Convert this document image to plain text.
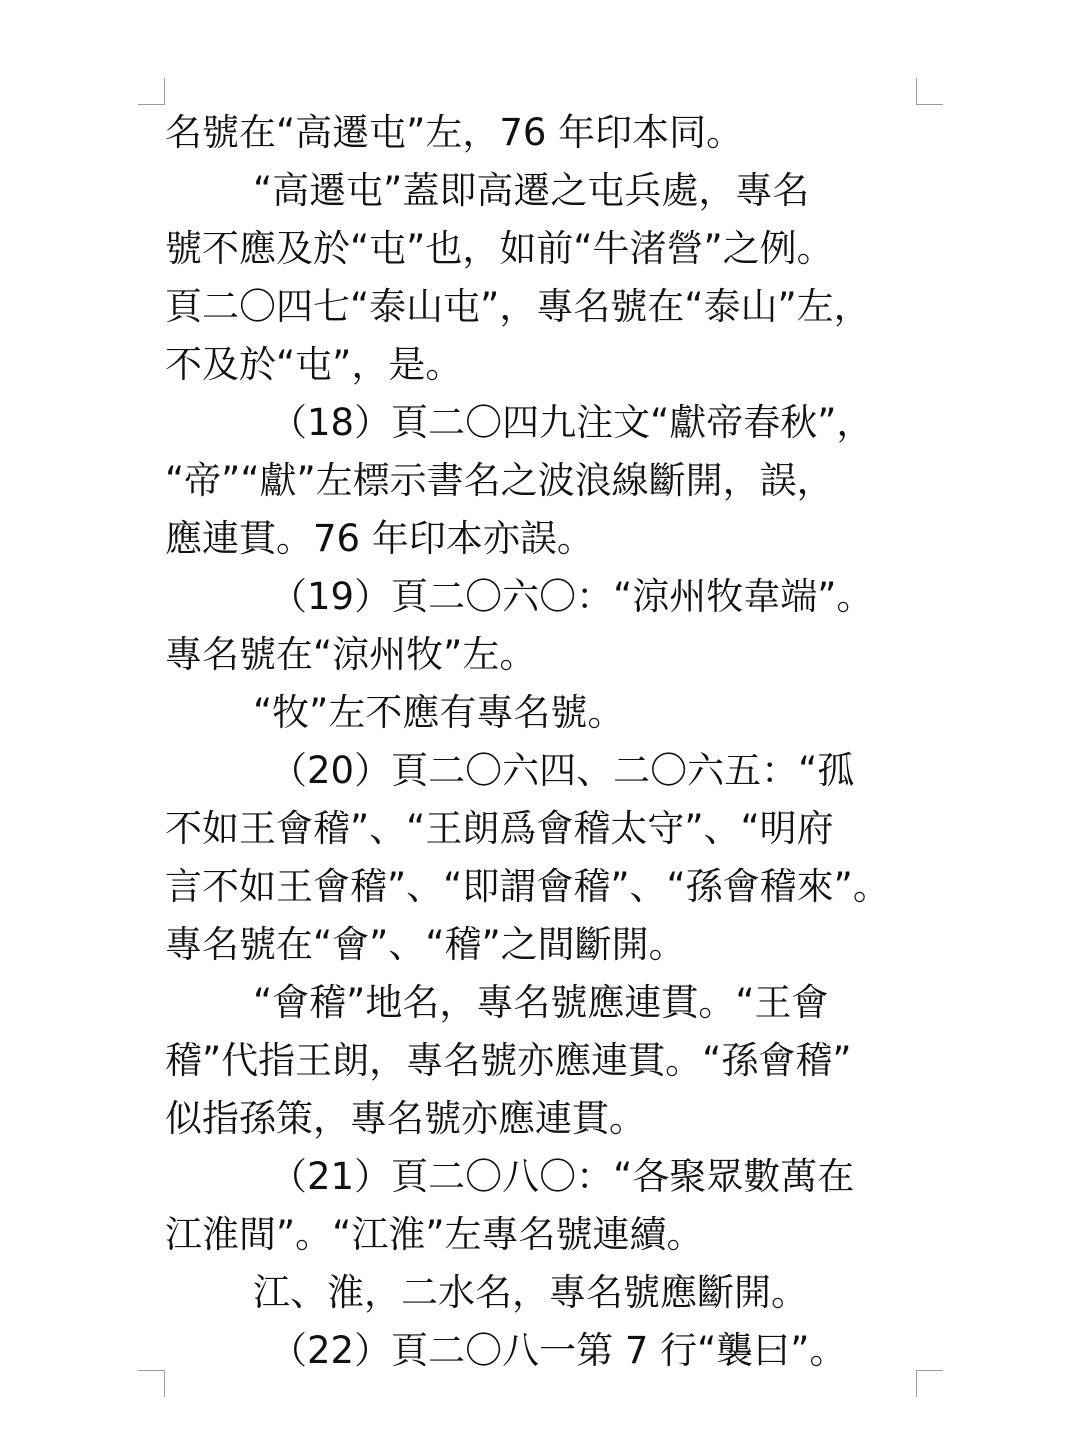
名號在“高遷屯”左，76 年印本同。
“高遷屯”蓋即高遷之屯兵處，專名
號不應及於“屯”也，如前“牛渚營”之例。
頁二〇四七“泰山屯”，專名號在“泰山”左，
不及於“屯”，是。
（18）頁二〇四九注文“獻帝春秋”，
“帝”“獻”左標示書名之波浪線斷開，誤，
應連貫。76 年印本亦誤。
（19）頁二〇六〇：“涼州牧韋端”。
專名號在“涼州牧”左。
“牧”左不應有專名號。
（20）頁二〇六四、二〇六五：“孤
不如王會稽”、“王朗爲會稽太守”、“明府
言不如王會稽”、“即謂會稽”、“孫會稽來”。
專名號在“會”、“稽”之間斷開。
“會稽”地名，專名號應連貫。“王會
稽”代指王朗，專名號亦應連貫。“孫會稽”
似指孫策，專名號亦應連貫。
（21）頁二〇八〇：“各聚眾數萬在
江淮間”。“江淮”左專名號連續。
江、淮，二水名，專名號應斷開。
（22）頁二〇八一第 7 行“襲曰”。
